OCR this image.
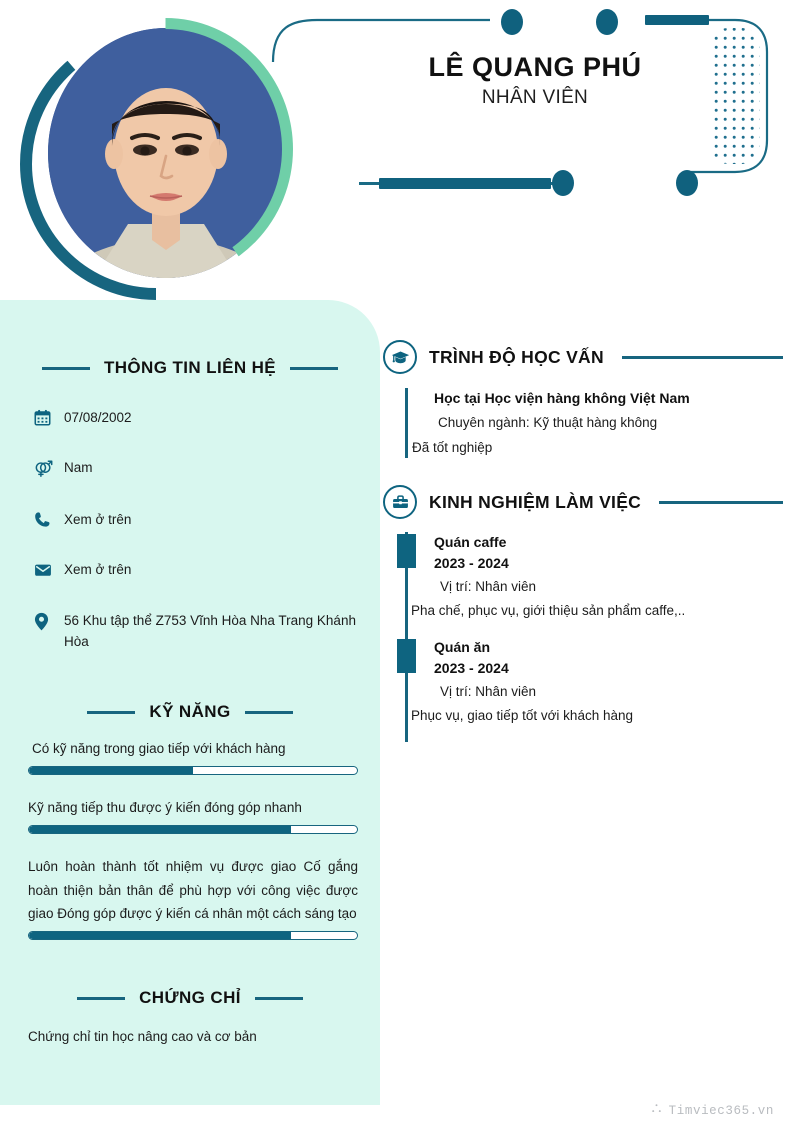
LÊ QUANG PHÚ
NHÂN VIÊN
THÔNG TIN LIÊN HỆ
07/08/2002
Nam
Xem ở trên
Xem ở trên
56 Khu tập thể Z753 Vĩnh Hòa Nha Trang Khánh Hòa
KỸ NĂNG
Có kỹ năng trong giao tiếp với khách hàng
Kỹ năng tiếp thu được ý kiến đóng góp nhanh
Luôn hoàn thành tốt nhiệm vụ được giao Cố gắng hoàn thiện bản thân để phù hợp với công việc được giao Đóng góp được ý kiến cá nhân một cách sáng tạo
CHỨNG CHỈ
Chứng chỉ tin học nâng cao và cơ bản
TRÌNH ĐỘ HỌC VẤN
Học tại Học viện hàng không Việt Nam
Chuyên ngành: Kỹ thuật hàng không
Đã tốt nghiệp
KINH NGHIỆM LÀM VIỆC
Quán caffe
2023 - 2024
Vị trí: Nhân viên
Pha chế, phục vụ, giới thiệu sản phẩm caffe,..
Quán ăn
2023 - 2024
Vị trí: Nhân viên
Phục vụ, giao tiếp tốt với khách hàng
Timviec365.vn
